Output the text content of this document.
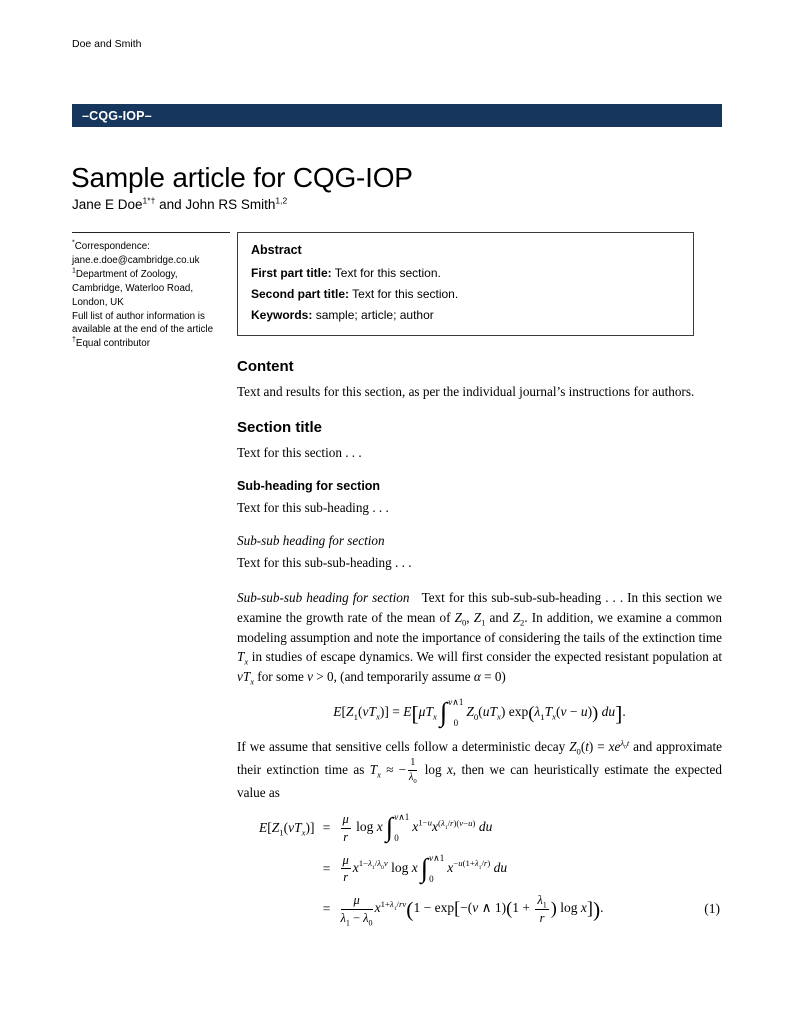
Doe and Smith
–CQG-IOP–
Sample article for CQG-IOP
Jane E Doe$^{1*\dagger}$ and John RS Smith$^{1,2}$
*Correspondence:
jane.e.doe@cambridge.co.uk
$^1$Department of Zoology,
Cambridge, Waterloo Road,
London, UK
Full list of author information is
available at the end of the article
†Equal contributor
Abstract

First part title: Text for this section.

Second part title: Text for this section.

Keywords: sample; article; author

Content

Text and results for this section, as per the individual journal’s instructions for authors.

Section title

Text for this section . . .

Sub-heading for section

Text for this sub-heading . . .

Sub-sub heading for section

Text for this sub-sub-heading . . .

Sub-sub-sub heading for section   Text for this sub-sub-sub-heading . . . In this section we examine the growth rate of the mean of $Z_0$, $Z_1$ and $Z_2$. In addition, we examine a common modeling assumption and note the importance of considering the tails of the extinction time $T_x$ in studies of escape dynamics. We will first consider the expected resistant population at $vT_x$ for some v > 0, (and temporarily assume α = 0)

$E[Z_1(vT_x)] = E[\mu T_x$ ∫ v∧1
0
$Z_0(uT_x) \exp(\lambda_1T_x(v - u))$ du].

If we assume that sensitive cells follow a deterministic decay $Z_0(t) = xe^{\lambda_0t}$ and approximate their extinction time as $T_x$ ≈ − $\frac{1}{\lambda_0}$ log x, then we can heuristically estimate the expected value as

$E[Z_1(vT_x)] = \frac{\mu}{r}$ log x ∫ v∧1
0
$x^{1-u}x^{(\lambda_1/r)(v-u)}$ du
= $\frac{\mu}{r} x^{1-\lambda_1/\lambda_0v}$ log x ∫ v∧1
0
$x^{-u(1+\lambda_1/r)}$ du
= $\frac{\mu}{\lambda_1 - \lambda_0} x^{1+\lambda_1/rv}(1 - \exp[-(v$ ∧ $1)(1 + \frac{\lambda_1}{r}$ ) log x]).	(1)
